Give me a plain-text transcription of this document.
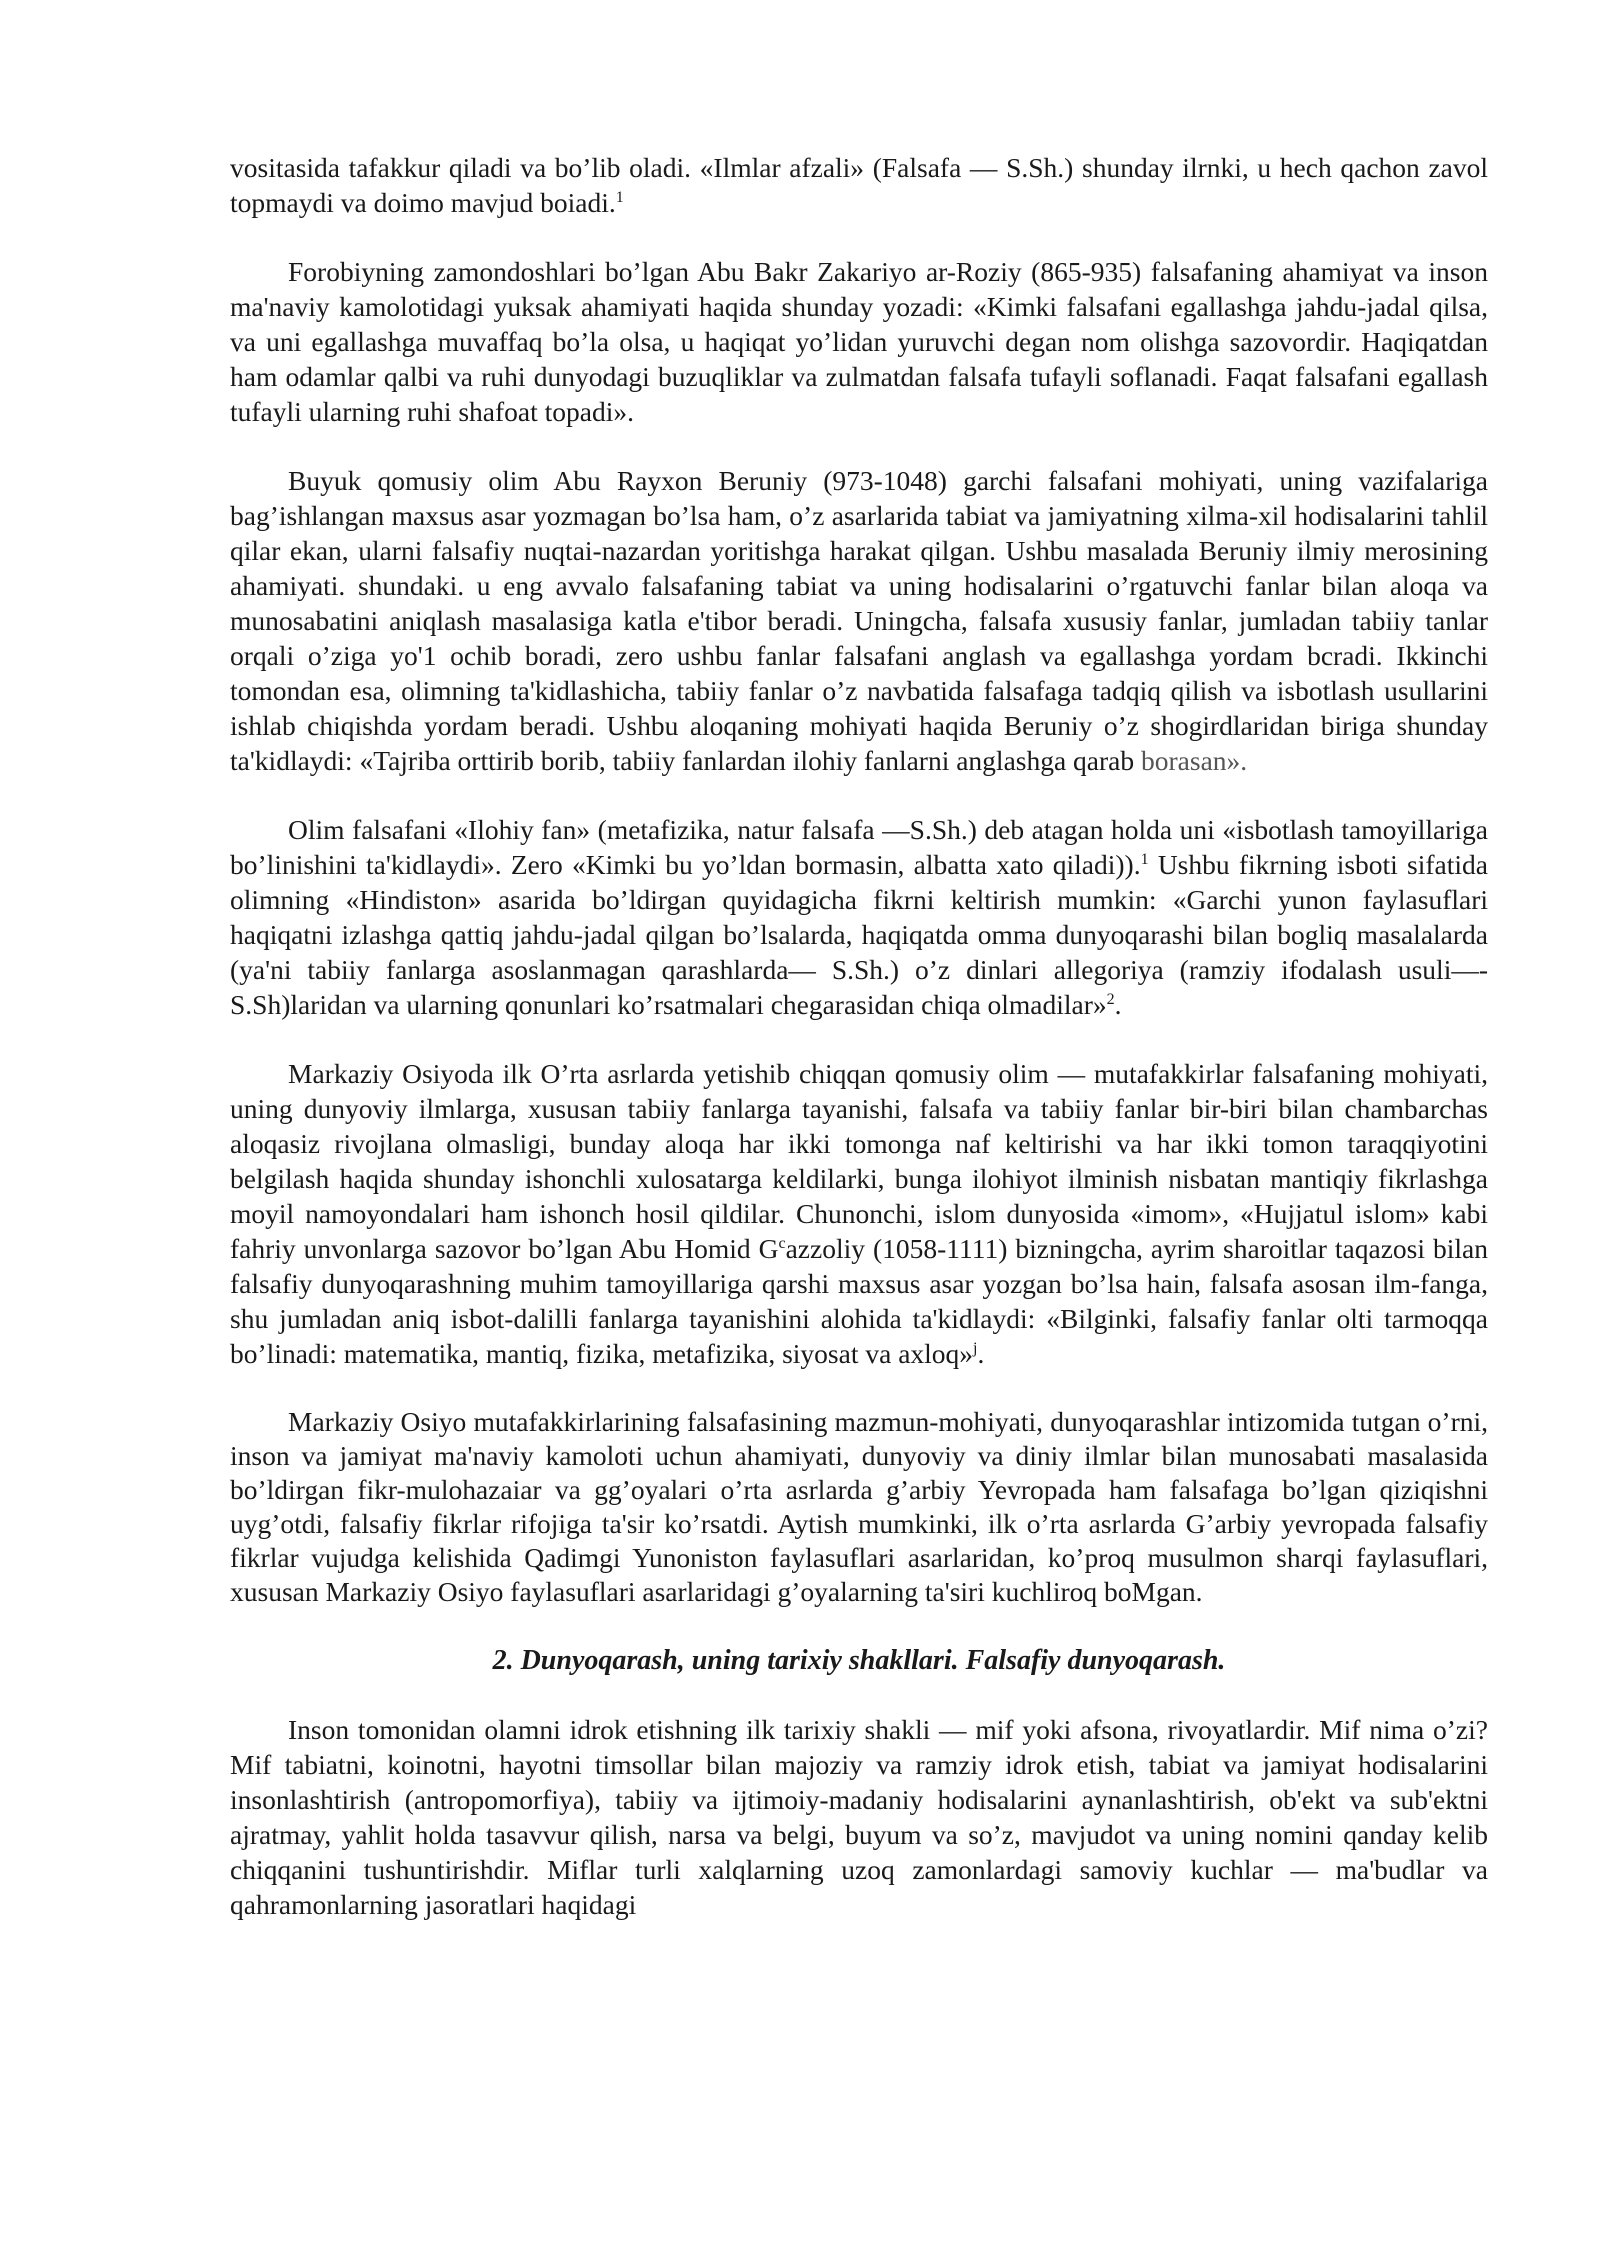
vositasida tafakkur qiladi va bo’lib oladi. «Ilmlar afzali» (Falsafa — S.Sh.) shunday ilrnki, u hech qachon zavol topmaydi va doimo mavjud boiadi.$^1$

Forobiyning zamondoshlari bo’lgan Abu Bakr Zakariyo ar-Roziy (865-935) falsafaning ahamiyat va inson ma'naviy kamolotidagi yuksak ahamiyati haqida shunday yozadi: «Kimki falsafani egallashga jahdu-jadal qilsa, va uni egallashga muvaffaq bo’la olsa, u haqiqat yo’lidan yuruvchi degan nom olishga sazovordir. Haqiqatdan ham odamlar qalbi va ruhi dunyodagi buzuqliklar va zulmatdan falsafa tufayli soflanadi. Faqat falsafani egallash tufayli ularning ruhi shafoat topadi».

Buyuk qomusiy olim Abu Rayxon Beruniy (973-1048) garchi falsafani mohiyati, uning vazifalariga bag’ishlangan maxsus asar yozmagan bo’lsa ham, o’z asarlarida tabiat va jamiyatning xilma-xil hodisalarini tahlil qilar ekan, ularni falsafiy nuqtai-nazardan yoritishga harakat qilgan. Ushbu masalada Beruniy ilmiy merosining ahamiyati. shundaki. u eng avvalo falsafaning tabiat va uning hodisalarini o’rgatuvchi fanlar bilan aloqa va munosabatini aniqlash masalasiga katla e'tibor beradi. Uningcha, falsafa xususiy fanlar, jumladan tabiiy tanlar orqali o’ziga yo'1 ochib boradi, zero ushbu fanlar falsafani anglash va egallashga yordam bcradi. Ikkinchi tomondan esa, olimning ta'kidlashicha, tabiiy fanlar o’z navbatida falsafaga tadqiq qilish va isbotlash usullarini ishlab chiqishda yordam beradi. Ushbu aloqaning mohiyati haqida Beruniy o’z shogirdlaridan biriga shunday ta'kidlaydi: «Tajriba orttirib borib, tabiiy fanlardan ilohiy fanlarni anglashga qarab borasan».

Olim falsafani «Ilohiy fan» (metafizika, natur falsafa —S.Sh.) deb atagan holda uni «isbotlash tamoyillariga bo’linishini ta'kidlaydi». Zero «Kimki bu yo’ldan bormasin, albatta xato qiladi)).$^1$ Ushbu fikrning isboti sifatida olimning «Hindiston» asarida bo’ldirgan quyidagicha fikrni keltirish mumkin: «Garchi yunon faylasuflari haqiqatni izlashga qattiq jahdu-jadal qilgan bo’lsalarda, haqiqatda omma dunyoqarashi bilan bogliq masalalarda (ya'ni tabiiy fanlarga asoslanmagan qarashlarda— S.Sh.) o’z dinlari allegoriya (ramziy ifodalash usuli—- S.Sh)laridan va ularning qonunlari ko’rsatmalari chegarasidan chiqa olmadilar»$^2$.

Markaziy Osiyoda ilk O’rta asrlarda yetishib chiqqan qomusiy olim — mutafakkirlar falsafaning mohiyati, uning dunyoviy ilmlarga, xususan tabiiy fanlarga tayanishi, falsafa va tabiiy fanlar bir-biri bilan chambarchas aloqasiz rivojlana olmasligi, bunday aloqa har ikki tomonga naf keltirishi va har ikki tomon taraqqiyotini belgilash haqida shunday ishonchli xulosatarga keldilarki, bunga ilohiyot ilminish nisbatan mantiqiy fikrlashga moyil namoyondalari ham ishonch hosil qildilar. Chunonchi, islom dunyosida «imom», «Hujjatul islom» kabi fahriy unvonlarga sazovor bo’lgan Abu Homid $G^cazzoliy$ (1058-1111) bizningcha, ayrim sharoitlar taqazosi bilan falsafiy dunyoqarashning muhim tamoyillariga qarshi maxsus asar yozgan bo’lsa hain, falsafa asosan ilm-fanga, shu jumladan aniq isbot-dalilli fanlarga tayanishini alohida ta'kidlaydi: «Bilginki, falsafiy fanlar olti tarmoqqa bo’linadi: matematika, mantiq, fizika, metafizika, siyosat va axloq»$^j$.

Markaziy Osiyo mutafakkirlarining falsafasining mazmun-mohiyati, dunyoqarashlar intizomida tutgan o’rni, inson va jamiyat ma'naviy kamoloti uchun ahamiyati, dunyoviy va diniy ilmlar bilan munosabati masalasida bo’ldirgan fikr-mulohazaiar va gg’oyalari o’rta asrlarda g’arbiy Yevropada ham falsafaga bo’lgan qiziqishni uyg’otdi, falsafiy fikrlar rifojiga ta'sir ko’rsatdi. Aytish mumkinki, ilk o’rta asrlarda G’arbiy yevropada falsafiy fikrlar vujudga kelishida Qadimgi Yunoniston faylasuflari asarlaridan, ko’proq musulmon sharqi faylasuflari, xususan Markaziy Osiyo faylasuflari asarlaridagi g’oyalarning ta'siri kuchliroq boMgan.

2. Dunyoqarash, uning tarixiy shakllari. Falsafiy dunyoqarash.

Inson tomonidan olamni idrok etishning ilk tarixiy shakli — mif yoki afsona, rivoyatlardir. Mif nima o’zi? Mif tabiatni, koinotni, hayotni timsollar bilan majoziy va ramziy idrok etish, tabiat va jamiyat hodisalarini insonlashtirish (antropomorfiya), tabiiy va ijtimoiy-madaniy hodisalarini aynanlashtirish, ob'ekt va sub'ektni ajratmay, yahlit holda tasavvur qilish, narsa va belgi, buyum va so’z, mavjudot va uning nomini qanday kelib chiqqanini tushuntirishdir. Miflar turli xalqlarning uzoq zamonlardagi samoviy kuchlar — ma'budlar va qahramonlarning jasoratlari haqidagi
